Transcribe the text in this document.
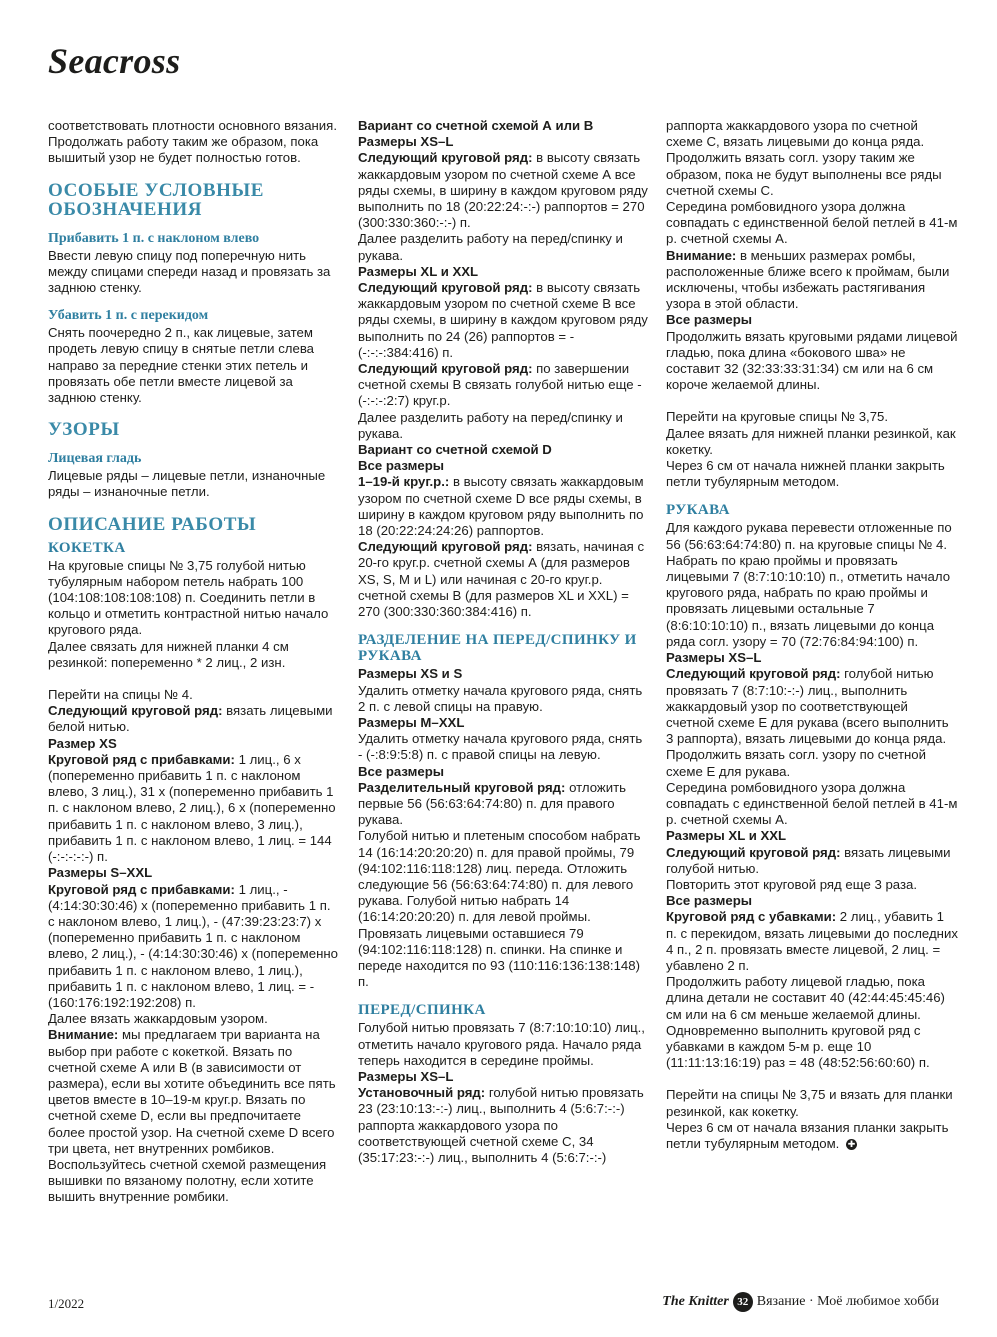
Seacross

соответствовать плотности основного вязания. Продолжать работу таким же образом, пока вышитый узор не будет полностью готов.

ОСОБЫЕ УСЛОВНЫЕ ОБОЗНАЧЕНИЯ
Прибавить 1 п. с наклоном влево

Ввести левую спицу под поперечную нить между спицами спереди назад и провязать за заднюю стенку.

Убавить 1 п. с перекидом

Снять поочередно 2 п., как лицевые, затем продеть левую спицу в снятые петли слева направо за передние стенки этих петель и провязать обе петли вместе лицевой за заднюю стенку.

УЗОРЫ
Лицевая гладь

Лицевые ряды – лицевые петли, изнаночные ряды – изнаночные петли.

ОПИСАНИЕ РАБОТЫ
КОКЕТКА

На круговые спицы № 3,75 голубой нитью тубулярным набором петель набрать 100 (104:108:108:108:108) п. Соединить петли в кольцо и отметить контрастной нитью начало кругового ряда.

Далее связать для нижней планки 4 см резинкой: попеременно * 2 лиц., 2 изн.

Перейти на спицы № 4.

Следующий круговой ряд: вязать лицевыми белой нитью.

Размер XS

Круговой ряд с прибавками: 1 лиц., 6 x (попеременно прибавить 1 п. с наклоном влево, 3 лиц.), 31 x (попеременно прибавить 1 п. с наклоном влево, 2 лиц.), 6 x (попеременно прибавить 1 п. с наклоном влево, 3 лиц.), прибавить 1 п. с наклоном влево, 1 лиц. = 144 (-:-:-:-:-) п.

Размеры S–XXL

Круговой ряд с прибавками: 1 лиц., - (4:14:30:30:46) x (попеременно прибавить 1 п. с наклоном влево, 1 лиц.), - (47:39:23:23:7) x (попеременно прибавить 1 п. с наклоном влево, 2 лиц.), - (4:14:30:30:46) x (попеременно прибавить 1 п. с наклоном влево, 1 лиц.), прибавить 1 п. с наклоном влево, 1 лиц. = - (160:176:192:192:208) п.

Далее вязать жаккардовым узором.

Внимание: мы предлагаем три варианта на выбор при работе с кокеткой. Вязать по счетной схеме А или В (в зависимости от размера), если вы хотите объединить все пять цветов вместе в 10–19-м круг.р. Вязать по счетной схеме D, если вы предпочитаете более простой узор. На счетной схеме D всего три цвета, нет внутренних ромбиков. Воспользуйтесь счетной схемой размещения вышивки по вязаному полотну, если хотите вышить внутренние ромбики.

Вариант со счетной схемой А или В

Размеры XS–L

Следующий круговой ряд: в высоту связать жаккардовым узором по счетной схеме А все ряды схемы, в ширину в каждом круговом ряду выполнить по 18 (20:22:24:-:-) раппортов = 270 (300:330:360:-:-) п.

Далее разделить работу на перед/спинку и рукава.

Размеры XL и XXL

Следующий круговой ряд: в высоту связать жаккардовым узором по счетной схеме В все ряды схемы, в ширину в каждом круговом ряду выполнить по 24 (26) раппортов = - (-:-:-:384:416) п.

Следующий круговой ряд: по завершении счетной схемы В связать голубой нитью еще - (-:-:-:2:7) круг.р.

Далее разделить работу на перед/спинку и рукава.

Вариант со счетной схемой D

Все размеры

1–19-й круг.р.: в высоту связать жаккардовым узором по счетной схеме D все ряды схемы, в ширину в каждом круговом ряду выполнить по 18 (20:22:24:24:26) раппортов.

Следующий круговой ряд: вязать, начиная с 20-го круг.р. счетной схемы А (для размеров XS, S, M и L) или начиная с 20-го круг.р. счетной схемы В (для размеров XL и XXL) = 270 (300:330:360:384:416) п.

РАЗДЕЛЕНИЕ НА ПЕРЕД/СПИНКУ И РУКАВА

Размеры XS и S

Удалить отметку начала кругового ряда, снять 2 п. с левой спицы на правую.

Размеры M–XXL

Удалить отметку начала кругового ряда, снять - (-:8:9:5:8) п. с правой спицы на левую.

Все размеры

Разделительный круговой ряд: отложить первые 56 (56:63:64:74:80) п. для правого рукава.

Голубой нитью и плетеным способом набрать 14 (16:14:20:20:20) п. для правой проймы, 79 (94:102:116:118:128) лиц. переда. Отложить следующие 56 (56:63:64:74:80) п. для левого рукава. Голубой нитью набрать 14 (16:14:20:20:20) п. для левой проймы. Провязать лицевыми оставшиеся 79 (94:102:116:118:128) п. спинки. На спинке и переде находится по 93 (110:116:136:138:148) п.

ПЕРЕД/СПИНКА

Голубой нитью провязать 7 (8:7:10:10:10) лиц., отметить начало кругового ряда. Начало ряда теперь находится в середине проймы.

Размеры XS–L

Установочный ряд: голубой нитью провязать 23 (23:10:13:-:-) лиц., выполнить 4 (5:6:7:-:-) раппорта жаккардового узора по соответствующей счетной схеме С, 34 (35:17:23:-:-) лиц., выполнить 4 (5:6:7:-:-)

раппорта жаккардового узора по счетной схеме С, вязать лицевыми до конца ряда.

Продолжить вязать согл. узору таким же образом, пока не будут выполнены все ряды счетной схемы С.

Середина ромбовидного узора должна совпадать с единственной белой петлей в 41-м р. счетной схемы А.

Внимание: в меньших размерах ромбы, расположенные ближе всего к проймам, были исключены, чтобы избежать растягивания узора в этой области.

Все размеры

Продолжить вязать круговыми рядами лицевой гладью, пока длина «бокового шва» не составит 32 (32:33:33:31:34) см или на 6 см короче желаемой длины.

Перейти на круговые спицы № 3,75.

Далее вязать для нижней планки резинкой, как кокетку.

Через 6 см от начала нижней планки закрыть петли тубулярным методом.

РУКАВА

Для каждого рукава перевести отложенные по 56 (56:63:64:74:80) п. на круговые спицы № 4.

Набрать по краю проймы и провязать лицевыми 7 (8:7:10:10:10) п., отметить начало кругового ряда, набрать по краю проймы и провязать лицевыми остальные 7 (8:6:10:10:10) п., вязать лицевыми до конца ряда согл. узору = 70 (72:76:84:94:100) п.

Размеры XS–L

Следующий круговой ряд: голубой нитью провязать 7 (8:7:10:-:-) лиц., выполнить жаккардовый узор по соответствующей счетной схеме Е для рукава (всего выполнить 3 раппорта), вязать лицевыми до конца ряда.

Продолжить вязать согл. узору по счетной схеме Е для рукава.

Середина ромбовидного узора должна совпадать с единственной белой петлей в 41-м р. счетной схемы А.

Размеры XL и XXL

Следующий круговой ряд: вязать лицевыми голубой нитью.

Повторить этот круговой ряд еще 3 раза.

Все размеры

Круговой ряд с убавками: 2 лиц., убавить 1 п. с перекидом, вязать лицевыми до последних 4 п., 2 п. провязать вместе лицевой, 2 лиц. = убавлено 2 п.

Продолжить работу лицевой гладью, пока длина детали не составит 40 (42:44:45:45:46) см или на 6 см меньше желаемой длины.

Одновременно выполнить круговой ряд с убавками в каждом 5-м р. еще 10 (11:11:13:16:19) раз = 48 (48:52:56:60:60) п.

Перейти на спицы № 3,75 и вязать для планки резинкой, как кокетку.

Через 6 см от начала вязания планки закрыть петли тубулярным методом. ✚

1/2022	The Knitter 32 Вязание · Моё любимое хобби
